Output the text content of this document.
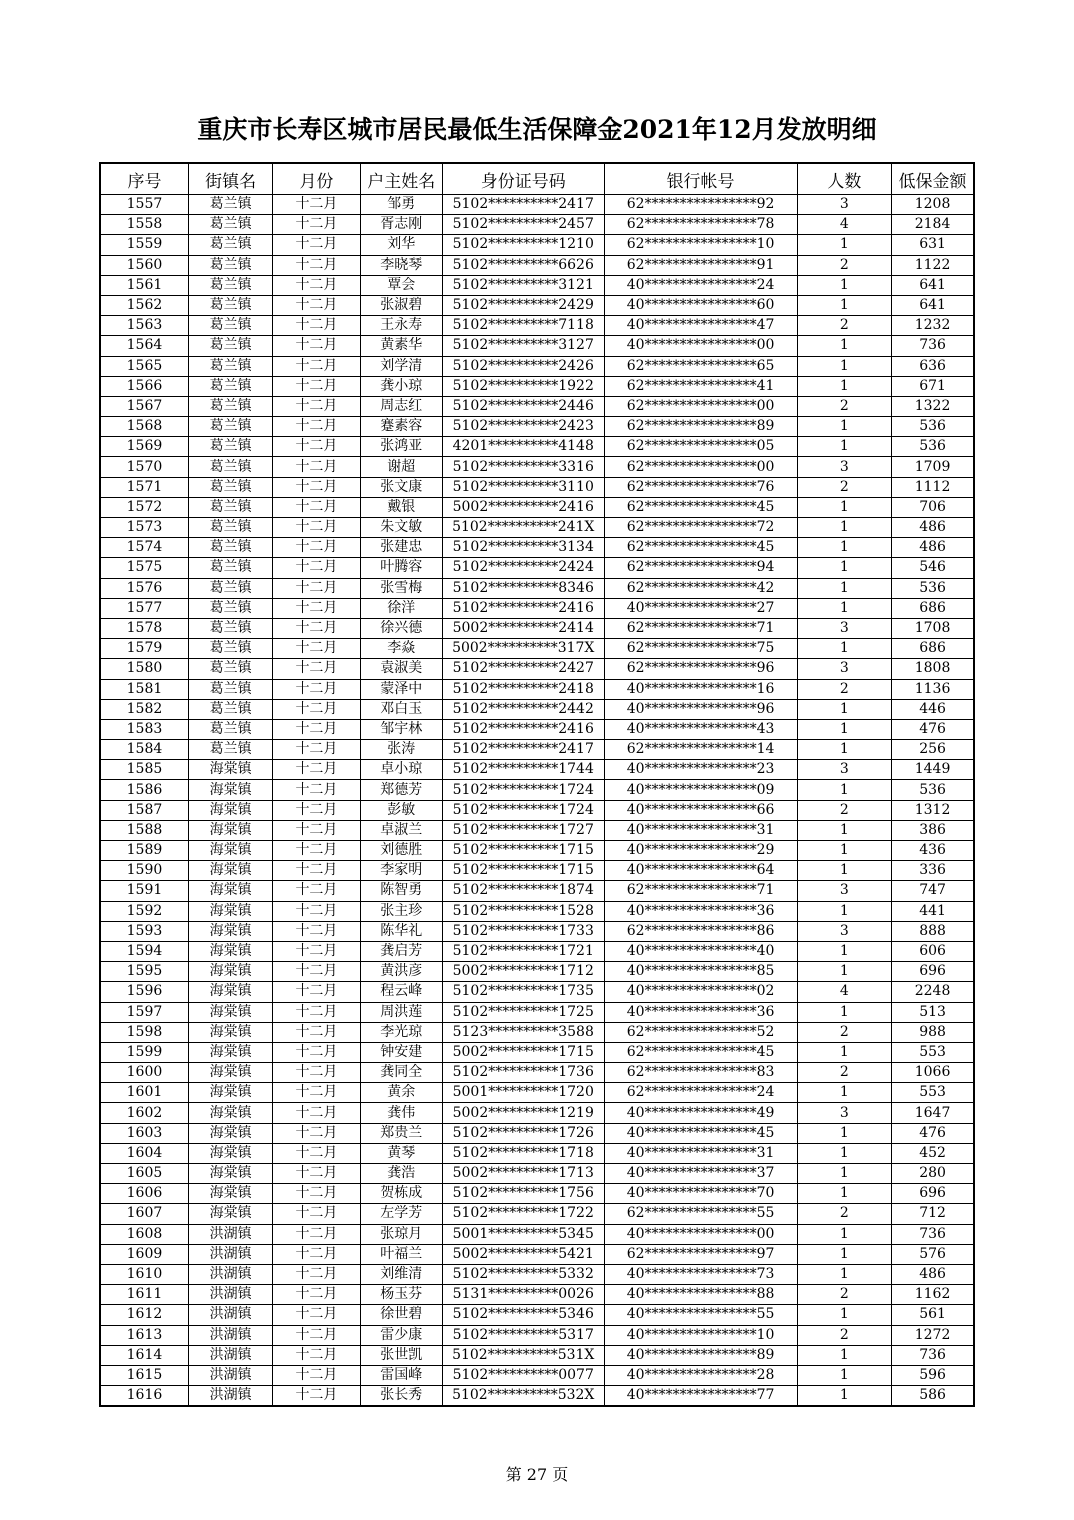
重庆市长寿区城市居民最低生活保障金2021年12月发放明细
序号	街镇名	月份	户主姓名	身份证号码	银行帐号	人数	低保金额
1557	葛兰镇	十二月	邹勇	5102**********2417	62****************92	3	1208
1558	葛兰镇	十二月	胥志刚	5102**********2457	62****************78	4	2184
1559	葛兰镇	十二月	刘华	5102**********1210	62****************10	1	631
1560	葛兰镇	十二月	李晓琴	5102**********6626	62****************91	2	1122
1561	葛兰镇	十二月	覃会	5102**********3121	40****************24	1	641
1562	葛兰镇	十二月	张淑碧	5102**********2429	40****************60	1	641
1563	葛兰镇	十二月	王永寿	5102**********7118	40****************47	2	1232
1564	葛兰镇	十二月	黄素华	5102**********3127	40****************00	1	736
1565	葛兰镇	十二月	刘学清	5102**********2426	62****************65	1	636
1566	葛兰镇	十二月	龚小琼	5102**********1922	62****************41	1	671
1567	葛兰镇	十二月	周志红	5102**********2446	62****************00	2	1322
1568	葛兰镇	十二月	蹇素容	5102**********2423	62****************89	1	536
1569	葛兰镇	十二月	张鸿亚	4201**********4148	62****************05	1	536
1570	葛兰镇	十二月	谢超	5102**********3316	62****************00	3	1709
1571	葛兰镇	十二月	张文康	5102**********3110	62****************76	2	1112
1572	葛兰镇	十二月	戴银	5002**********2416	62****************45	1	706
1573	葛兰镇	十二月	朱文敏	5102**********241X	62****************72	1	486
1574	葛兰镇	十二月	张建忠	5102**********3134	62****************45	1	486
1575	葛兰镇	十二月	叶腾容	5102**********2424	62****************94	1	546
1576	葛兰镇	十二月	张雪梅	5102**********8346	62****************42	1	536
1577	葛兰镇	十二月	徐洋	5102**********2416	40****************27	1	686
1578	葛兰镇	十二月	徐兴德	5002**********2414	62****************71	3	1708
1579	葛兰镇	十二月	李焱	5002**********317X	62****************75	1	686
1580	葛兰镇	十二月	袁淑美	5102**********2427	62****************96	3	1808
1581	葛兰镇	十二月	蒙泽中	5102**********2418	40****************16	2	1136
1582	葛兰镇	十二月	邓白玉	5102**********2442	40****************96	1	446
1583	葛兰镇	十二月	邹宇林	5102**********2416	40****************43	1	476
1584	葛兰镇	十二月	张涛	5102**********2417	62****************14	1	256
1585	海棠镇	十二月	卓小琼	5102**********1744	40****************23	3	1449
1586	海棠镇	十二月	郑德芳	5102**********1724	40****************09	1	536
1587	海棠镇	十二月	彭敏	5102**********1724	40****************66	2	1312
1588	海棠镇	十二月	卓淑兰	5102**********1727	40****************31	1	386
1589	海棠镇	十二月	刘德胜	5102**********1715	40****************29	1	436
1590	海棠镇	十二月	李家明	5102**********1715	40****************64	1	336
1591	海棠镇	十二月	陈智勇	5102**********1874	62****************71	3	747
1592	海棠镇	十二月	张主珍	5102**********1528	40****************36	1	441
1593	海棠镇	十二月	陈华礼	5102**********1733	62****************86	3	888
1594	海棠镇	十二月	龚启芳	5102**********1721	40****************40	1	606
1595	海棠镇	十二月	黄洪彦	5002**********1712	40****************85	1	696
1596	海棠镇	十二月	程云峰	5102**********1735	40****************02	4	2248
1597	海棠镇	十二月	周洪莲	5102**********1725	40****************36	1	513
1598	海棠镇	十二月	李光琼	5123**********3588	62****************52	2	988
1599	海棠镇	十二月	钟安建	5002**********1715	62****************45	1	553
1600	海棠镇	十二月	龚同全	5102**********1736	62****************83	2	1066
1601	海棠镇	十二月	黄余	5001**********1720	62****************24	1	553
1602	海棠镇	十二月	龚伟	5002**********1219	40****************49	3	1647
1603	海棠镇	十二月	郑贵兰	5102**********1726	40****************45	1	476
1604	海棠镇	十二月	黄琴	5102**********1718	40****************31	1	452
1605	海棠镇	十二月	龚浩	5002**********1713	40****************37	1	280
1606	海棠镇	十二月	贺栋成	5102**********1756	40****************70	1	696
1607	海棠镇	十二月	左学芳	5102**********1722	62****************55	2	712
1608	洪湖镇	十二月	张琼月	5001**********5345	40****************00	1	736
1609	洪湖镇	十二月	叶福兰	5002**********5421	62****************97	1	576
1610	洪湖镇	十二月	刘维清	5102**********5332	40****************73	1	486
1611	洪湖镇	十二月	杨玉芬	5131**********0026	40****************88	2	1162
1612	洪湖镇	十二月	徐世碧	5102**********5346	40****************55	1	561
1613	洪湖镇	十二月	雷少康	5102**********5317	40****************10	2	1272
1614	洪湖镇	十二月	张世凯	5102**********531X	40****************89	1	736
1615	洪湖镇	十二月	雷国峰	5102**********0077	40****************28	1	596
1616	洪湖镇	十二月	张长秀	5102**********532X	40****************77	1	586
第 27 页
